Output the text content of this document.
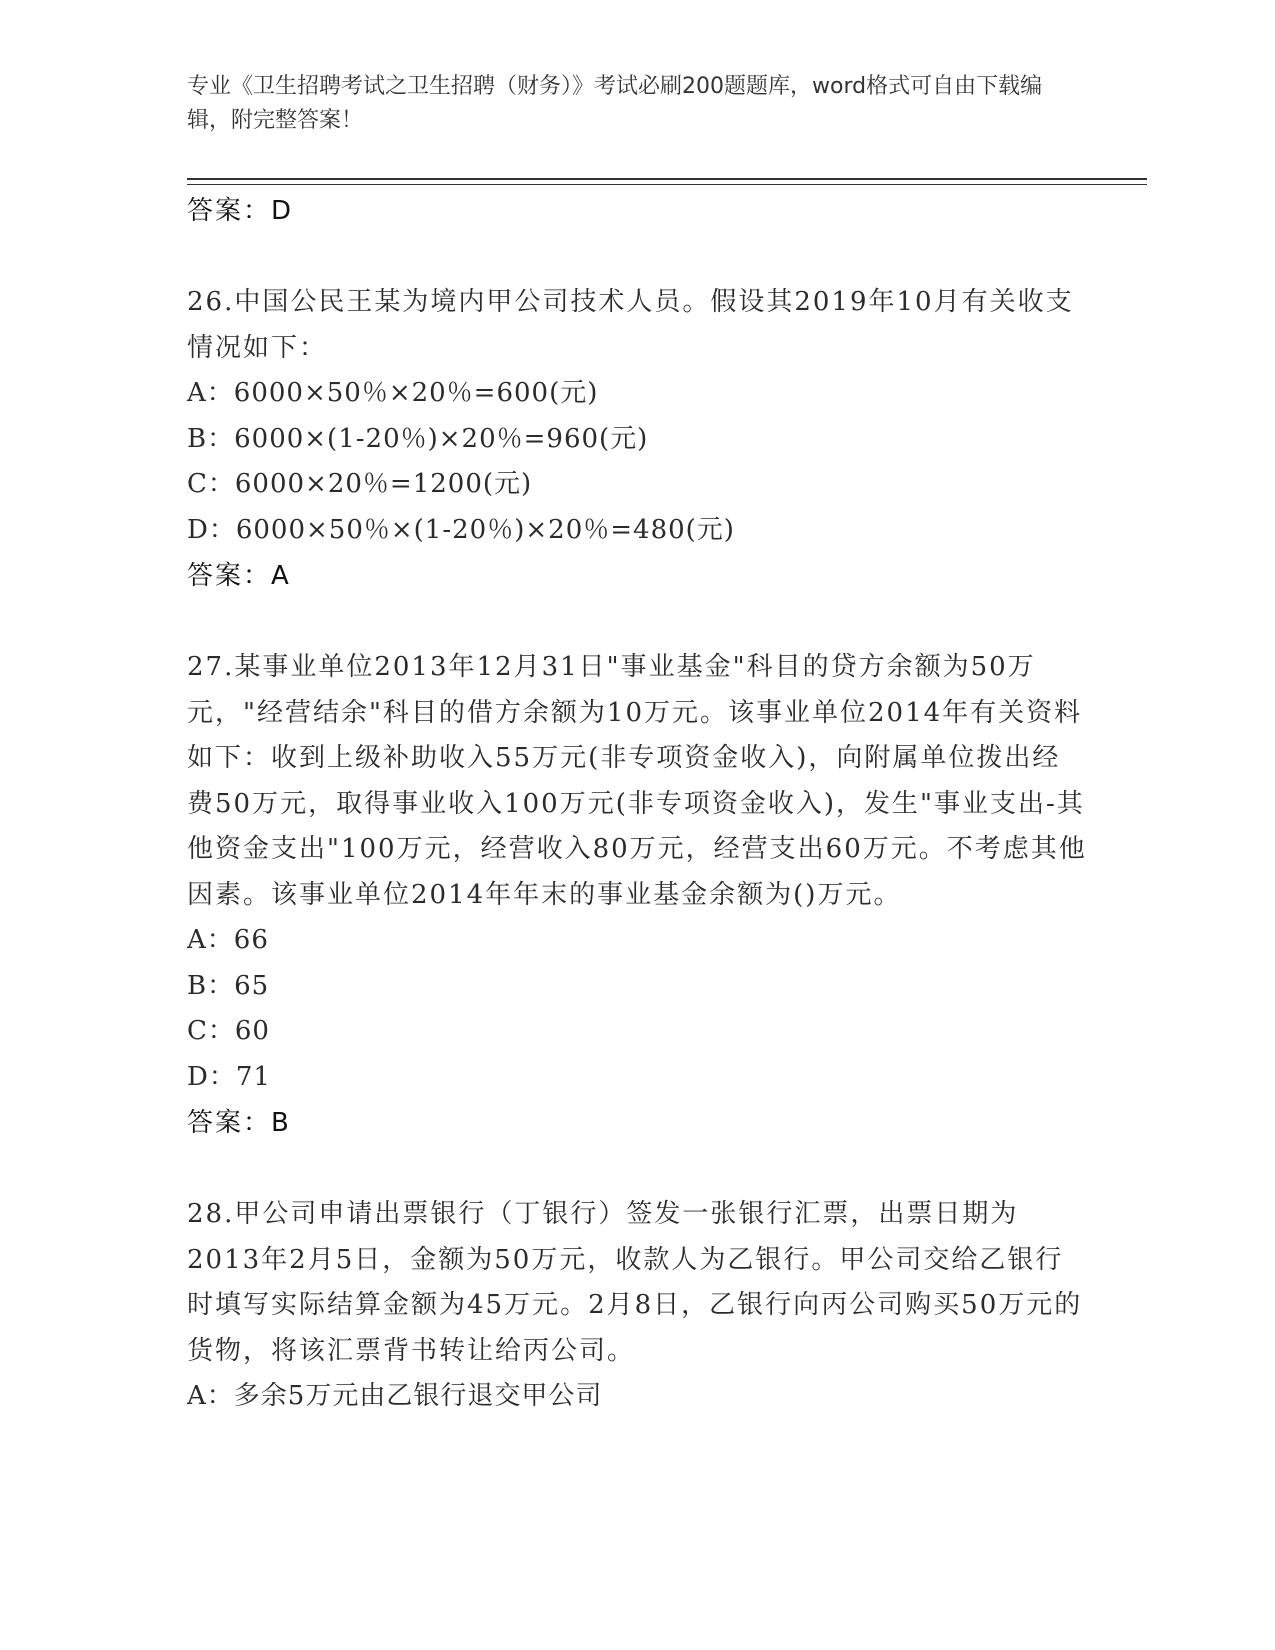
专业《卫生招聘考试之卫生招聘（财务）》考试必刷200题题库，word格式可自由下载编辑，附完整答案！
答案：D
26.中国公民王某为境内甲公司技术人员。假设其2019年10月有关收支情况如下：
A：6000×50％×20％=600(元)
B：6000×(1-20％)×20％=960(元)
C：6000×20％=1200(元)
D：6000×50％×(1-20％)×20％=480(元)
答案：A
27.某事业单位2013年12月31日"事业基金"科目的贷方余额为50万元，"经营结余"科目的借方余额为10万元。该事业单位2014年有关资料如下：收到上级补助收入55万元(非专项资金收入)，向附属单位拨出经费50万元，取得事业收入100万元(非专项资金收入)，发生"事业支出-其他资金支出"100万元，经营收入80万元，经营支出60万元。不考虑其他因素。该事业单位2014年年末的事业基金余额为()万元。
A：66
B：65
C：60
D：71
答案：B
28.甲公司申请出票银行（丁银行）签发一张银行汇票，出票日期为2013年2月5日，金额为50万元，收款人为乙银行。甲公司交给乙银行时填写实际结算金额为45万元。2月8日，乙银行向丙公司购买50万元的货物，将该汇票背书转让给丙公司。
A：多余5万元由乙银行退交甲公司
